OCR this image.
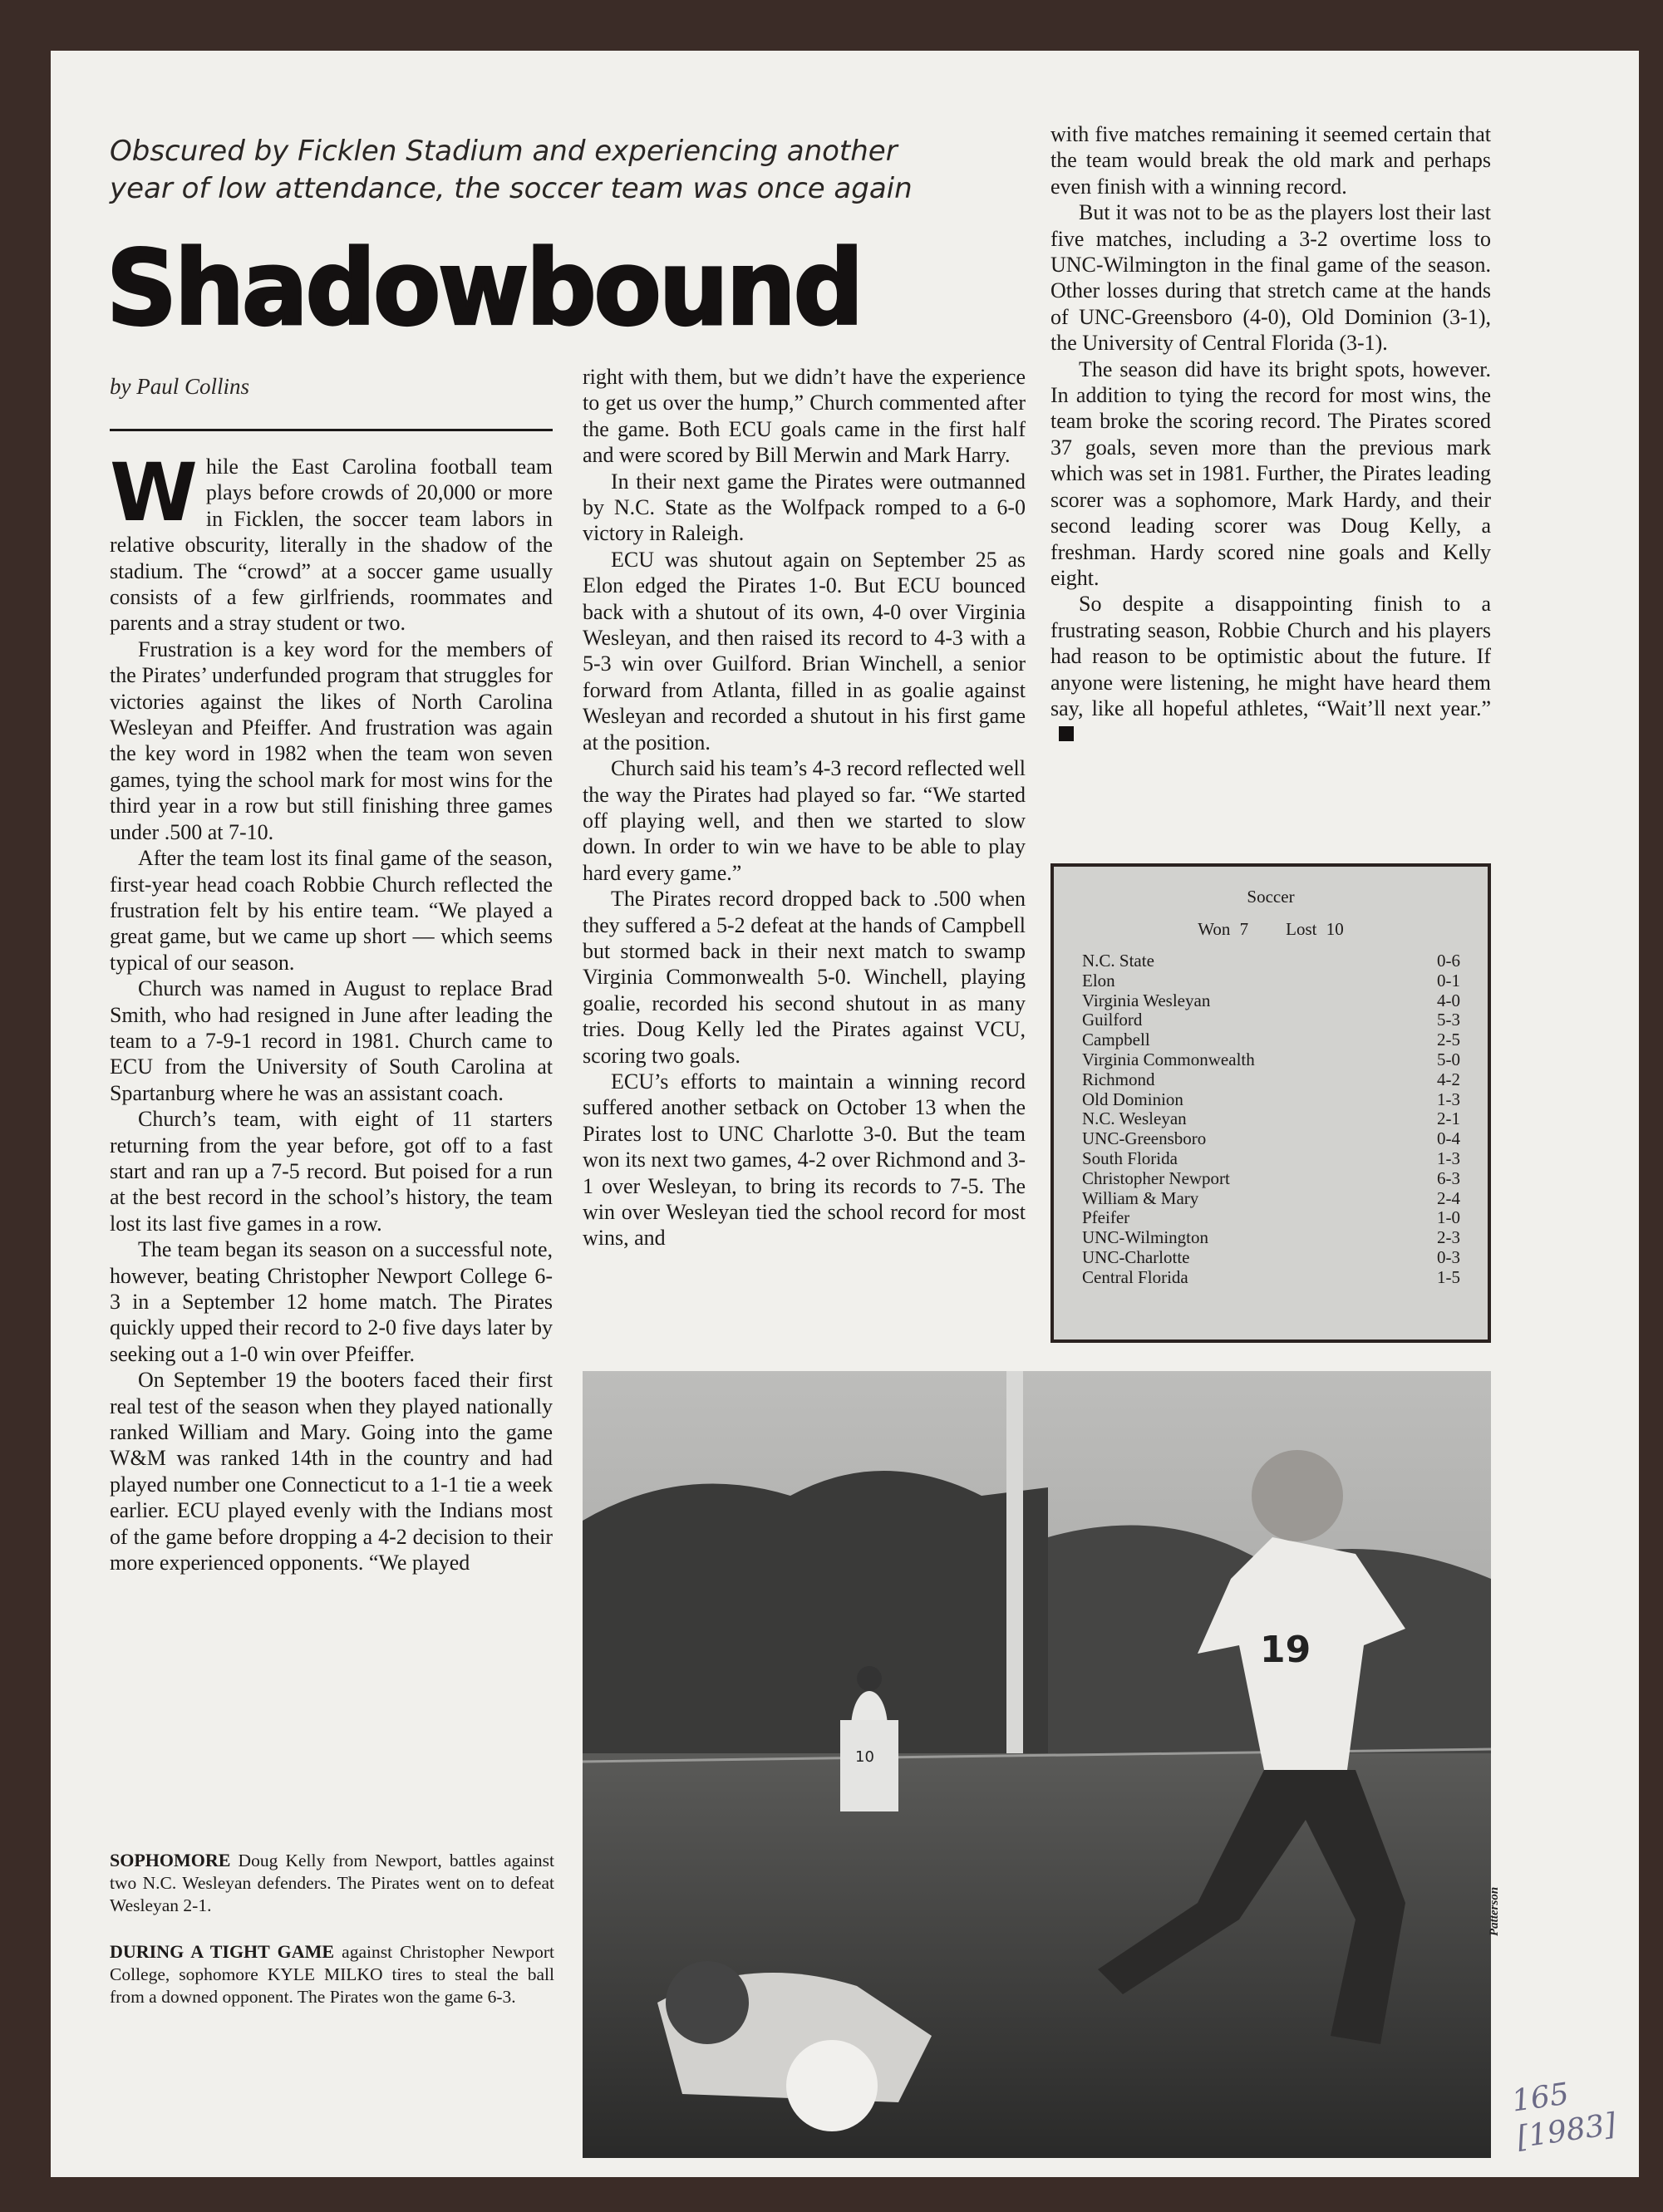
Obscured by Ficklen Stadium and experiencing another year of low attendance, the soccer team was once again
Shadowbound
by Paul Collins

While the East Carolina football team plays before crowds of 20,000 or more in Ficklen, the soccer team labors in relative obscurity, literally in the shadow of the stadium. The “crowd” at a soccer game usually consists of a few girlfriends, roommates and parents and a stray student or two.

Frustration is a key word for the members of the Pirates’ underfunded program that struggles for victories against the likes of North Carolina Wesleyan and Pfeiffer. And frustration was again the key word in 1982 when the team won seven games, tying the school mark for most wins for the third year in a row but still finishing three games under .500 at 7-10.

After the team lost its final game of the season, first-year head coach Robbie Church reflected the frustration felt by his entire team. “We played a great game, but we came up short — which seems typical of our season.

Church was named in August to replace Brad Smith, who had resigned in June after leading the team to a 7-9-1 record in 1981. Church came to ECU from the University of South Carolina at Spartanburg where he was an assistant coach.

Church’s team, with eight of 11 starters returning from the year before, got off to a fast start and ran up a 7-5 record. But poised for a run at the best record in the school’s history, the team lost its last five games in a row.

The team began its season on a successful note, however, beating Christopher Newport College 6-3 in a September 12 home match. The Pirates quickly upped their record to 2-0 five days later by seeking out a 1-0 win over Pfeiffer.

On September 19 the booters faced their first real test of the season when they played nationally ranked William and Mary. Going into the game W&M was ranked 14th in the country and had played number one Connecticut to a 1-1 tie a week earlier. ECU played evenly with the Indians most of the game before dropping a 4-2 decision to their more experienced opponents. “We played

right with them, but we didn’t have the experience to get us over the hump,” Church commented after the game. Both ECU goals came in the first half and were scored by Bill Merwin and Mark Harry.

In their next game the Pirates were outmanned by N.C. State as the Wolfpack romped to a 6-0 victory in Raleigh.

ECU was shutout again on September 25 as Elon edged the Pirates 1-0. But ECU bounced back with a shutout of its own, 4-0 over Virginia Wesleyan, and then raised its record to 4-3 with a 5-3 win over Guilford. Brian Winchell, a senior forward from Atlanta, filled in as goalie against Wesleyan and recorded a shutout in his first game at the position.

Church said his team’s 4-3 record reflected well the way the Pirates had played so far. “We started off playing well, and then we started to slow down. In order to win we have to be able to play hard every game.”

The Pirates record dropped back to .500 when they suffered a 5-2 defeat at the hands of Campbell but stormed back in their next match to swamp Virginia Commonwealth 5-0. Winchell, playing goalie, recorded his second shutout in as many tries. Doug Kelly led the Pirates against VCU, scoring two goals.

ECU’s efforts to maintain a winning record suffered another setback on October 13 when the Pirates lost to UNC Charlotte 3-0. But the team won its next two games, 4-2 over Richmond and 3-1 over Wesleyan, to bring its records to 7-5. The win over Wesleyan tied the school record for most wins, and

with five matches remaining it seemed certain that the team would break the old mark and perhaps even finish with a winning record.

But it was not to be as the players lost their last five matches, including a 3-2 overtime loss to UNC-Wilmington in the final game of the season. Other losses during that stretch came at the hands of UNC-Greensboro (4-0), Old Dominion (3-1), the University of Central Florida (3-1).

The season did have its bright spots, however. In addition to tying the record for most wins, the team broke the scoring record. The Pirates scored 37 goals, seven more than the previous mark which was set in 1981. Further, the Pirates leading scorer was a sophomore, Mark Hardy, and their second leading scorer was Doug Kelly, a freshman. Hardy scored nine goals and Kelly eight.

So despite a disappointing finish to a frustrating season, Robbie Church and his players had reason to be optimistic about the future. If anyone were listening, he might have heard them say, like all hopeful athletes, “Wait’ll next year.”

Soccer
Won 7    Lost 10
N.C. State	0-6
Elon	0-1
Virginia Wesleyan	4-0
Guilford	5-3
Campbell	2-5
Virginia Commonwealth	5-0
Richmond	4-2
Old Dominion	1-3
N.C. Wesleyan	2-1
UNC-Greensboro	0-4
South Florida	1-3
Christopher Newport	6-3
William & Mary	2-4
Pfeifer	1-0
UNC-Wilmington	2-3
UNC-Charlotte	0-3
Central Florida	1-5
19
10
Patterson
SOPHOMORE Doug Kelly from Newport, battles against two N.C. Wesleyan defenders. The Pirates went on to defeat Wesleyan 2-1.
DURING A TIGHT GAME against Christopher Newport College, sophomore KYLE MILKO tires to steal the ball from a downed opponent. The Pirates won the game 6-3.
165
[1983]
